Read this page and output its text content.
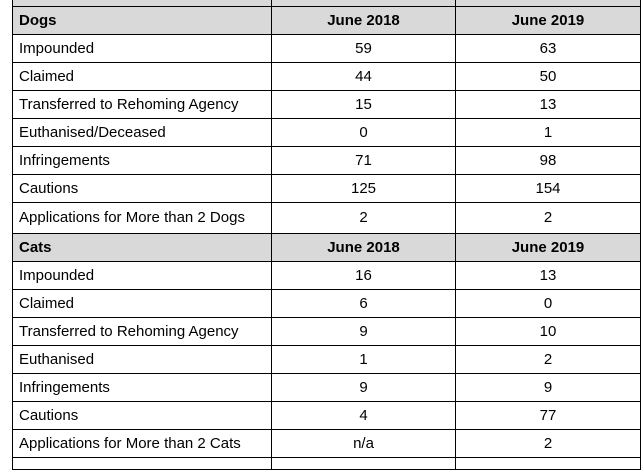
Dogs	June 2018	June 2019
Impounded	59	63
Claimed	44	50
Transferred to Rehoming Agency	15	13
Euthanised/Deceased	0	1
Infringements	71	98
Cautions	125	154
Applications for More than 2 Dogs	2	2
Cats	June 2018	June 2019
Impounded	16	13
Claimed	6	0
Transferred to Rehoming Agency	9	10
Euthanised	1	2
Infringements	9	9
Cautions	4	77
Applications for More than 2 Cats	n/a	2
